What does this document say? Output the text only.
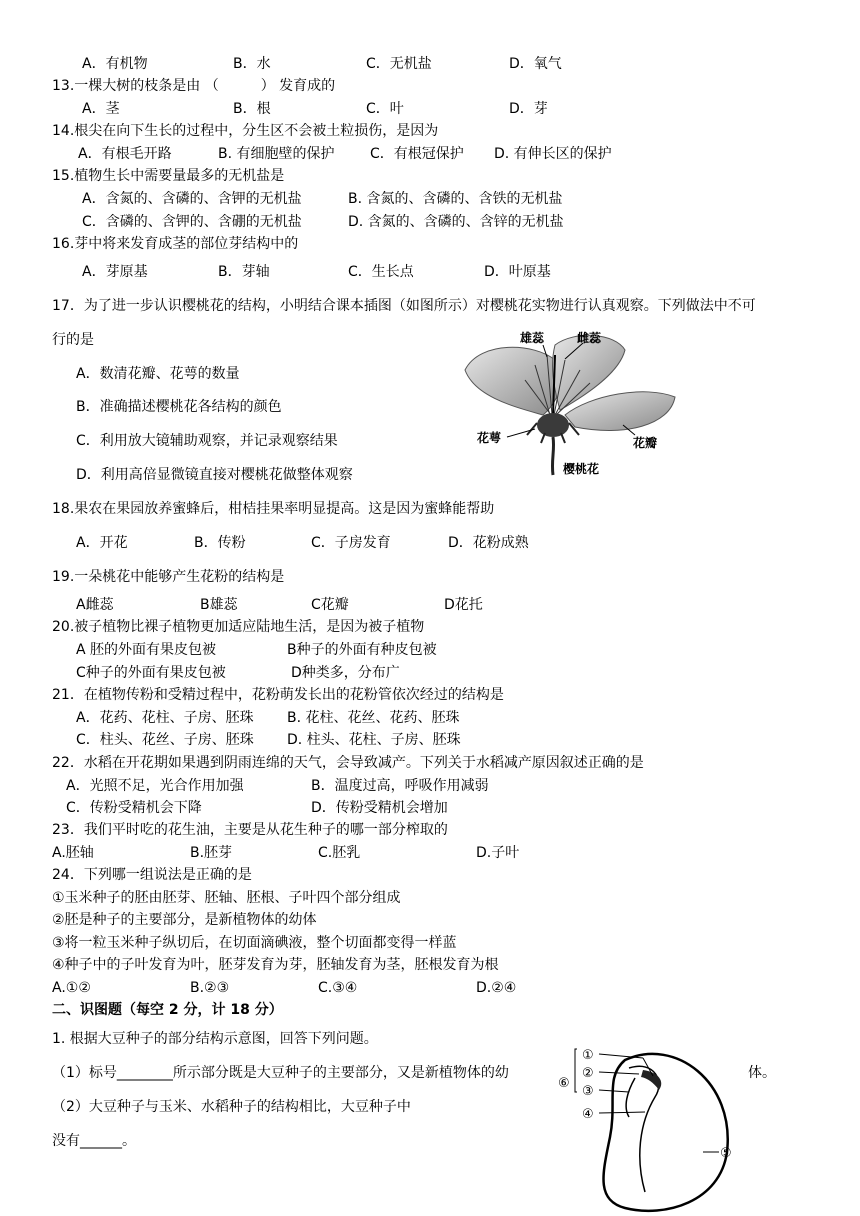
A．有机物	B．水	C．无机盐	D．氧气
13.一棵大树的枝条是由 （　　　） 发育成的
A．茎	B．根	C．叶	D．芽
14.根尖在向下生长的过程中，分生区不会被土粒损伤，是因为
A．有根毛开路	B. 有细胞壁的保护	C．有根冠保护 D. 有伸长区的保护
15.植物生长中需要量最多的无机盐是
A．含氮的、含磷的、含钾的无机盐	B. 含氮的、含磷的、含铁的无机盐
C．含磷的、含钾的、含硼的无机盐	D. 含氮的、含磷的、含锌的无机盐
16.芽中将来发育成茎的部位芽结构中的
A．芽原基	B．芽轴	C．生长点	D．叶原基
17．为了进一步认识樱桃花的结构，小明结合课本插图（如图所示）对樱桃花实物进行认真观察。下列做法中不可
行的是
A．数清花瓣、花萼的数量
B．准确描述樱桃花各结构的颜色
C．利用放大镜辅助观察，并记录观察结果
D．利用高倍显微镜直接对樱桃花做整体观察
雄蕊	雌蕊
花萼	花瓣
樱桃花
18.果农在果园放养蜜蜂后，柑桔挂果率明显提高。这是因为蜜蜂能帮助
A．开花	B．传粉	C．子房发育	D．花粉成熟
19.一朵桃花中能够产生花粉的结构是
A雌蕊	B雄蕊	C花瓣	D花托
20.被子植物比裸子植物更加适应陆地生活，是因为被子植物
A 胚的外面有果皮包被	B种子的外面有种皮包被
C种子的外面有果皮包被	D种类多，分布广
21．在植物传粉和受精过程中，花粉萌发长出的花粉管依次经过的结构是
A．花药、花柱、子房、胚珠 B. 花柱、花丝、花药、胚珠
C．柱头、花丝、子房、胚珠 D. 柱头、花柱、子房、胚珠
22．水稻在开花期如果遇到阴雨连绵的天气，会导致减产。下列关于水稻减产原因叙述正确的是
A．光照不足，光合作用加强	B．温度过高，呼吸作用减弱
C．传粉受精机会下降	D．传粉受精机会增加
23．我们平时吃的花生油，主要是从花生种子的哪一部分榨取的
A.胚轴	B.胚芽	C.胚乳	D.子叶
24．下列哪一组说法是正确的是
①玉米种子的胚由胚芽、胚轴、胚根、子叶四个部分组成
②胚是种子的主要部分，是新植物体的幼体
③将一粒玉米种子纵切后，在切面滴碘液，整个切面都变得一样蓝
④种子中的子叶发育为叶，胚芽发育为芽，胚轴发育为茎，胚根发育为根
A.①②	B.②③	C.③④	D.②④
二、识图题（每空 2 分，计 18 分）
1. 根据大豆种子的部分结构示意图，回答下列问题。
（1）标号________所示部分既是大豆种子的主要部分，又是新植物体的幼	体。
（2）大豆种子与玉米、水稻种子的结构相比，大豆种子中
没有______。
①
②
③
④
⑤
⑥
